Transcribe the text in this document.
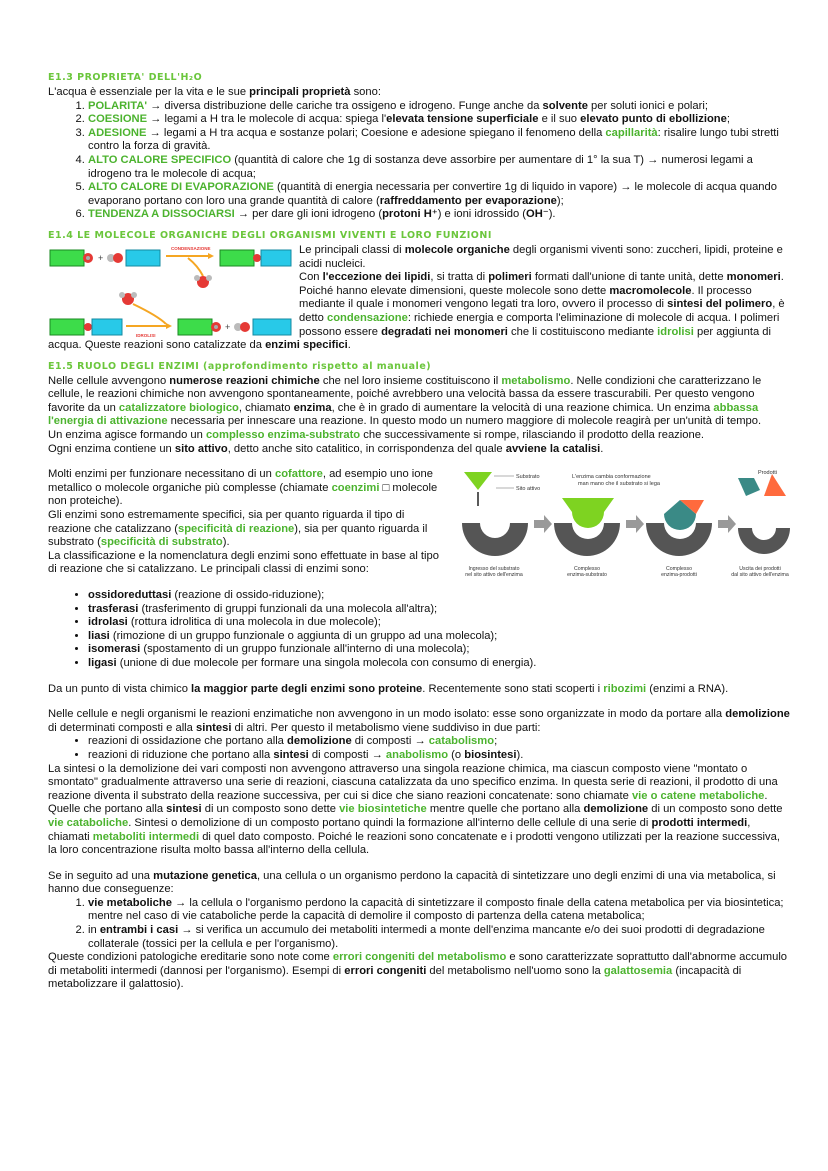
E1.3 PROPRIETA' DELL'H₂O

L'acqua è essenziale per la vita e le sue principali proprietà sono:

1. POLARITA' → diversa distribuzione delle cariche tra ossigeno e idrogeno. Funge anche da solvente per soluti ionici e polari;
2. COESIONE → legami a H tra le molecole di acqua: spiega l'elevata tensione superficiale e il suo elevato punto di ebollizione;
3. ADESIONE → legami a H tra acqua e sostanze polari; Coesione e adesione spiegano il fenomeno della capillarità: risalire lungo tubi stretti contro la forza di gravità.
4. ALTO CALORE SPECIFICO (quantità di calore che 1g di sostanza deve assorbire per aumentare di 1° la sua T) → numerosi legami a idrogeno tra le molecole di acqua;
5. ALTO CALORE DI EVAPORAZIONE (quantità di energia necessaria per convertire 1g di liquido in vapore) → le molecole di acqua quando evaporano portano con loro una grande quantità di calore (raffreddamento per evaporazione);
6. TENDENZA A DISSOCIARSI → per dare gli ioni idrogeno (protoni H⁺) e ioni idrossido (OH⁻).
E1.4 LE MOLECOLE ORGANICHE DEGLI ORGANISMI VIVENTI E LORO FUNZIONI
+
CONDENSAZIONE
IDROLISI
+

Le principali classi di molecole organiche degli organismi viventi sono: zuccheri, lipidi, proteine e acidi nucleici.

Con l'eccezione dei lipidi, si tratta di polimeri formati dall'unione di tante unità, dette monomeri. Poiché hanno elevate dimensioni, queste molecole sono dette macromolecole. Il processo mediante il quale i monomeri vengono legati tra loro, ovvero il processo di sintesi del polimero, è detto condensazione: richiede energia e comporta l'eliminazione di molecole di acqua. I polimeri possono essere degradati nei monomeri che li costituiscono mediante idrolisi per aggiunta di acqua. Queste reazioni sono catalizzate da enzimi specifici.

E1.5 RUOLO DEGLI ENZIMI (approfondimento rispetto al manuale)

Nelle cellule avvengono numerose reazioni chimiche che nel loro insieme costituiscono il metabolismo. Nelle condizioni che caratterizzano le cellule, le reazioni chimiche non avvengono spontaneamente, poiché avrebbero una velocità bassa da essere trascurabili. Per questo vengono favorite da un catalizzatore biologico, chiamato enzima, che è in grado di aumentare la velocità di una reazione chimica. Un enzima abbassa l'energia di attivazione necessaria per innescare una reazione. In questo modo un numero maggiore di molecole reagirà per un'unità di tempo.

Un enzima agisce formando un complesso enzima-substrato che successivamente si rompe, rilasciando il prodotto della reazione.

Ogni enzima contiene un sito attivo, detto anche sito catalitico, in corrispondenza del quale avviene la catalisi.

Substrato
Sito attivo
L'enzima cambia conformazione
man mano che il substrato si lega
Prodotti
Ingresso del substrato
nel sito attivo dell'enzima
Complesso
enzima-substrato
Complesso
enzima-prodotti
Uscita dei prodotti
dal sito attivo dell'enzima

Molti enzimi per funzionare necessitano di un cofattore, ad esempio uno ione metallico o molecole organiche più complesse (chiamate coenzimi □ molecole non proteiche).

Gli enzimi sono estremamente specifici, sia per quanto riguarda il tipo di reazione che catalizzano (specificità di reazione), sia per quanto riguarda il substrato (specificità di substrato).

La classificazione e la nomenclatura degli enzimi sono effettuate in base al tipo di reazione che si catalizzano. Le principali classi di enzimi sono:

• ossidoreduttasi (reazione di ossido-riduzione);
• trasferasi (trasferimento di gruppi funzionali da una molecola all'altra);
• idrolasi (rottura idrolitica di una molecola in due molecole);
• liasi (rimozione di un gruppo funzionale o aggiunta di un gruppo ad una molecola);
• isomerasi (spostamento di un gruppo funzionale all'interno di una molecola);
• ligasi (unione di due molecole per formare una singola molecola con consumo di energia).

Da un punto di vista chimico la maggior parte degli enzimi sono proteine. Recentemente sono stati scoperti i ribozimi (enzimi a RNA).

Nelle cellule e negli organismi le reazioni enzimatiche non avvengono in un modo isolato: esse sono organizzate in modo da portare alla demolizione di determinati composti e alla sintesi di altri. Per questo il metabolismo viene suddiviso in due parti:

• reazioni di ossidazione che portano alla demolizione di composti → catabolismo;
• reazioni di riduzione che portano alla sintesi di composti → anabolismo (o biosintesi).

La sintesi o la demolizione dei vari composti non avvengono attraverso una singola reazione chimica, ma ciascun composto viene "montato o smontato" gradualmente attraverso una serie di reazioni, ciascuna catalizzata da uno specifico enzima. In questa serie di reazioni, il prodotto di una reazione diventa il substrato della reazione successiva, per cui si dice che siano reazioni concatenate: sono chiamate vie o catene metaboliche. Quelle che portano alla sintesi di un composto sono dette vie biosintetiche mentre quelle che portano alla demolizione di un composto sono dette vie cataboliche. Sintesi o demolizione di un composto portano quindi la formazione all'interno delle cellule di una serie di prodotti intermedi, chiamati metaboliti intermedi di quel dato composto. Poiché le reazioni sono concatenate e i prodotti vengono utilizzati per la reazione successiva, la loro concentrazione risulta molto bassa all'interno della cellula.

Se in seguito ad una mutazione genetica, una cellula o un organismo perdono la capacità di sintetizzare uno degli enzimi di una via metabolica, si hanno due conseguenze:

1. vie metaboliche → la cellula o l'organismo perdono la capacità di sintetizzare il composto finale della catena metabolica per via biosintetica; mentre nel caso di vie cataboliche perde la capacità di demolire il composto di partenza della catena metabolica;
2. in entrambi i casi → si verifica un accumulo dei metaboliti intermedi a monte dell'enzima mancante e/o dei suoi prodotti di degradazione collaterale (tossici per la cellula e per l'organismo).

Queste condizioni patologiche ereditarie sono note come errori congeniti del metabolismo e sono caratterizzate soprattutto dall'abnorme accumulo di metaboliti intermedi (dannosi per l'organismo). Esempi di errori congeniti del metabolismo nell'uomo sono la galattosemia (incapacità di metabolizzare il galattosio).
